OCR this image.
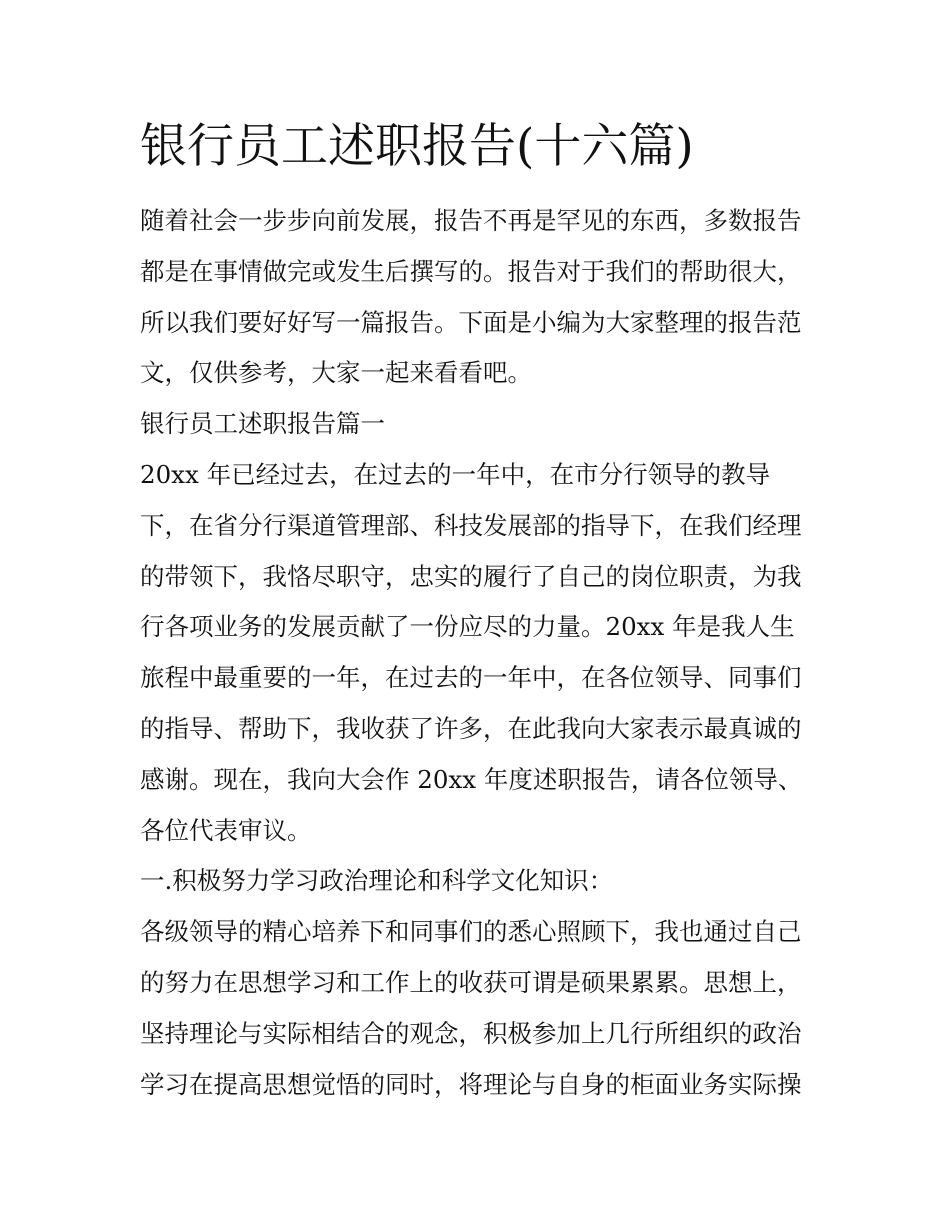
银行员工述职报告(十六篇)
随着社会一步步向前发展，报告不再是罕见的东西，多数报告
都是在事情做完或发生后撰写的。报告对于我们的帮助很大，
所以我们要好好写一篇报告。下面是小编为大家整理的报告范
文，仅供参考，大家一起来看看吧。
银行员工述职报告篇一
20xx 年已经过去，在过去的一年中，在市分行领导的教导
下，在省分行渠道管理部、科技发展部的指导下，在我们经理
的带领下，我恪尽职守，忠实的履行了自己的岗位职责，为我
行各项业务的发展贡献了一份应尽的力量。20xx 年是我人生
旅程中最重要的一年，在过去的一年中，在各位领导、同事们
的指导、帮助下，我收获了许多，在此我向大家表示最真诚的
感谢。现在，我向大会作 20xx 年度述职报告，请各位领导、
各位代表审议。
一.积极努力学习政治理论和科学文化知识：
各级领导的精心培养下和同事们的悉心照顾下，我也通过自己
的努力在思想学习和工作上的收获可谓是硕果累累。思想上，
坚持理论与实际相结合的观念，积极参加上几行所组织的政治
学习在提高思想觉悟的同时，将理论与自身的柜面业务实际操
